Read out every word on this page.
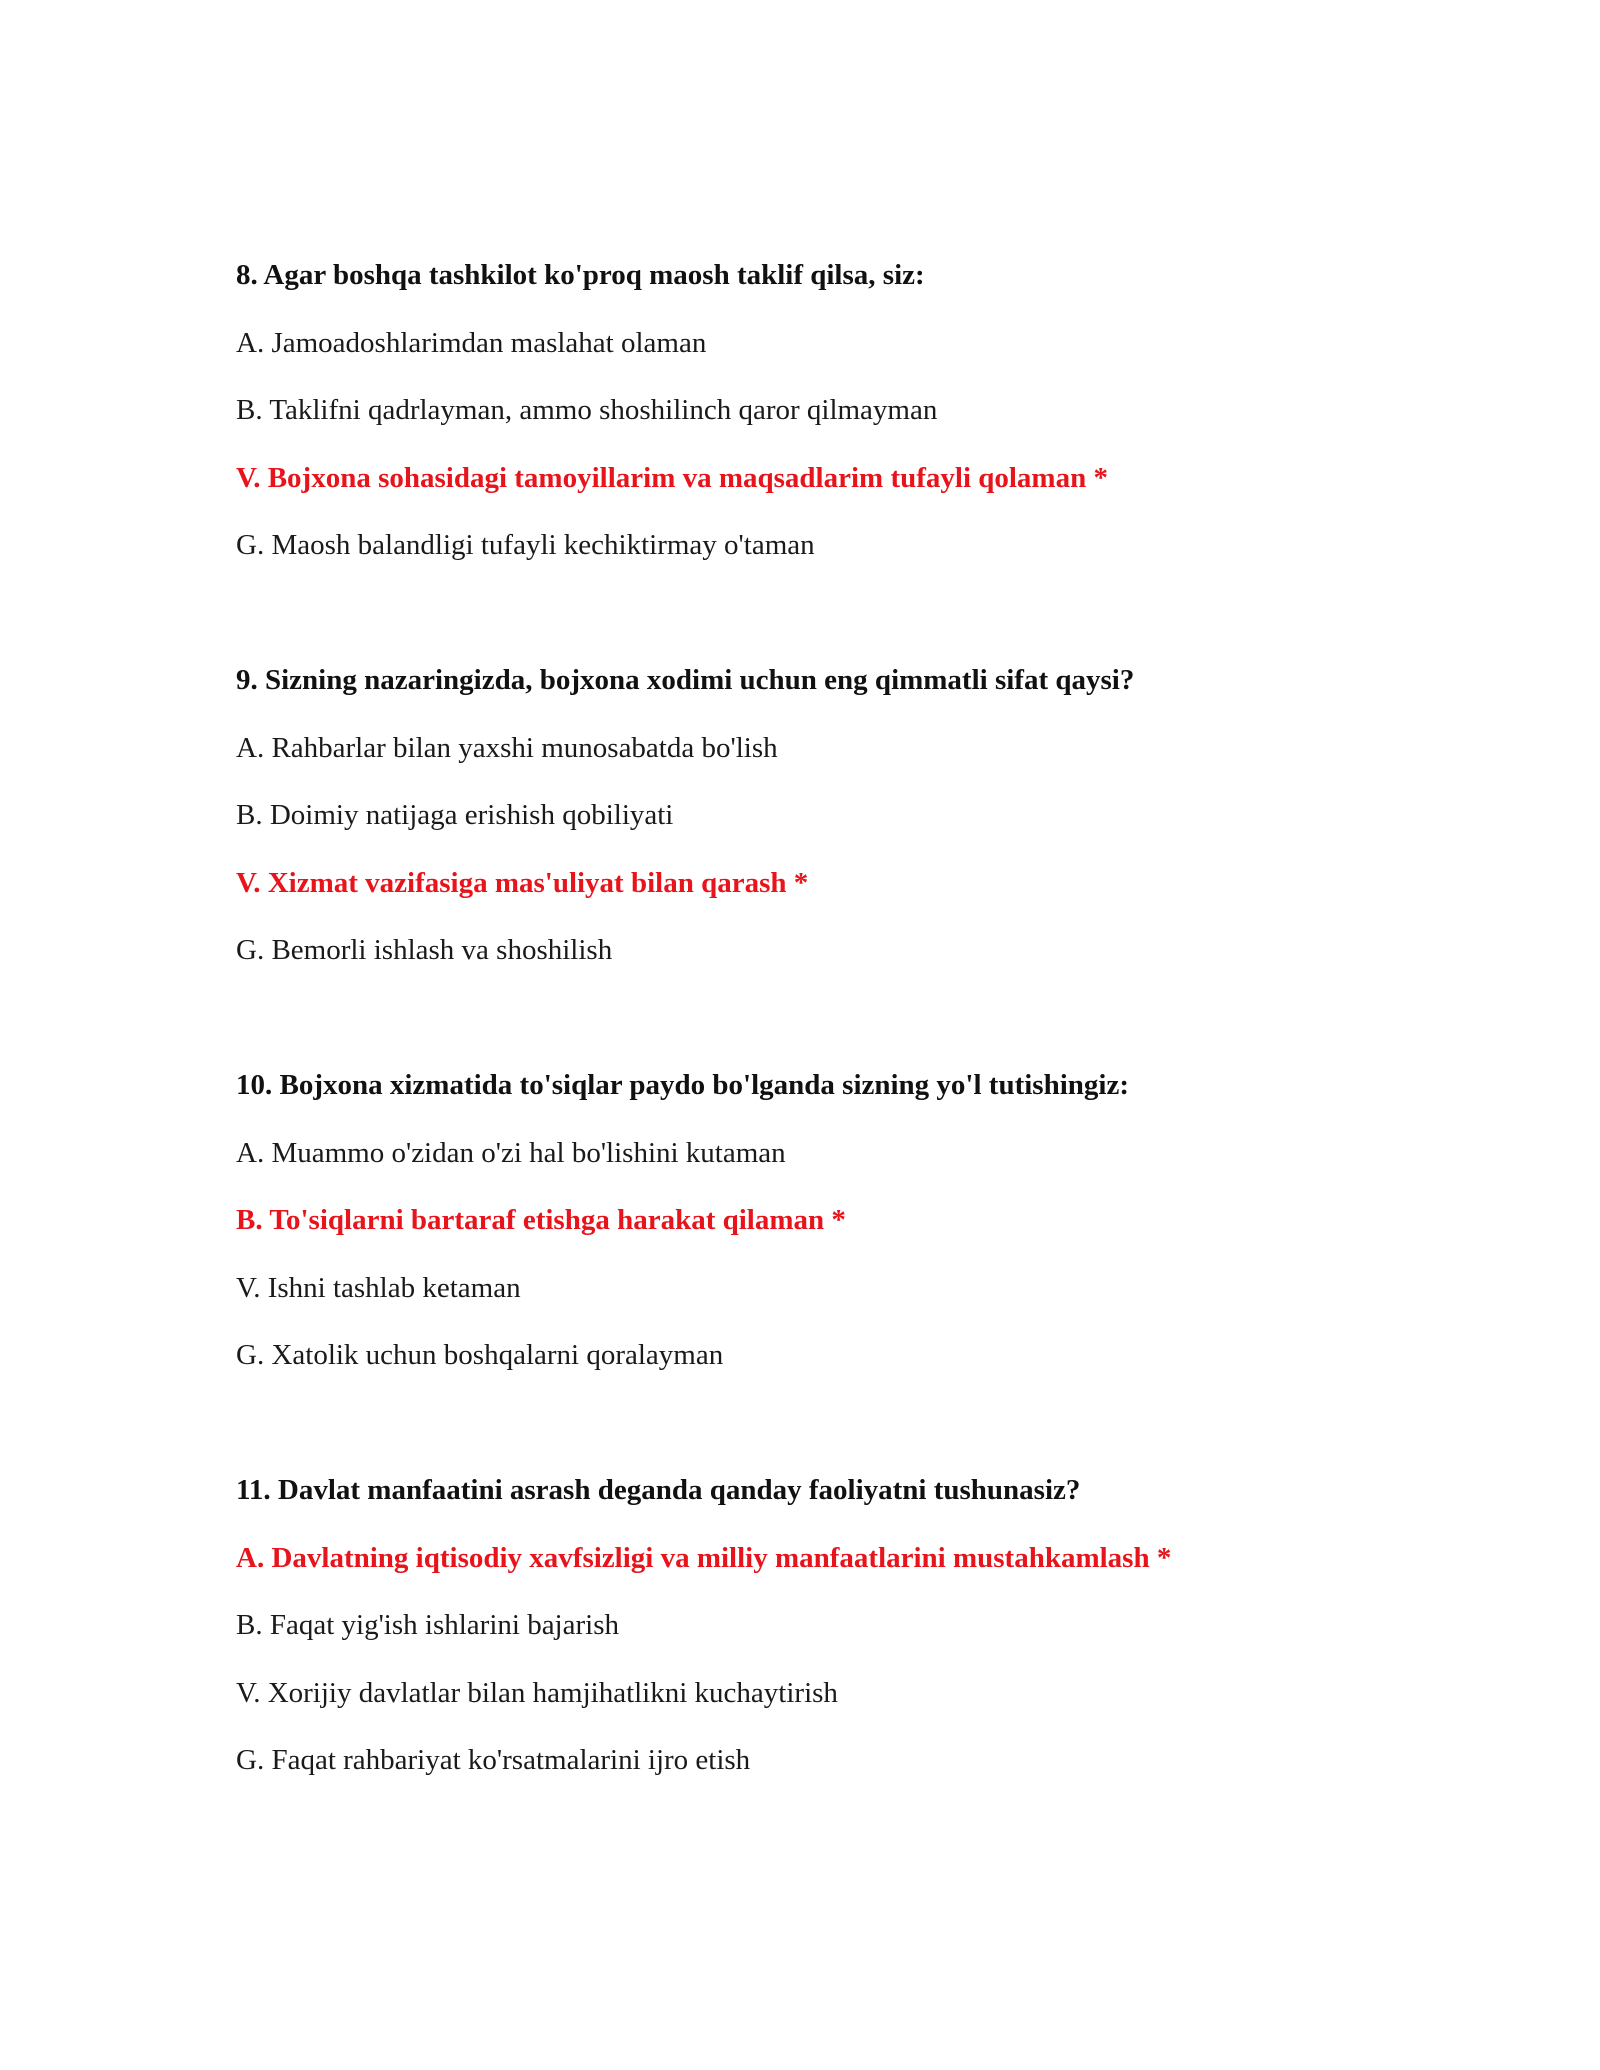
8. Agar boshqa tashkilot ko'proq maosh taklif qilsa, siz:
A. Jamoadoshlarimdan maslahat olaman
B. Taklifni qadrlayman, ammo shoshilinch qaror qilmayman
V. Bojxona sohasidagi tamoyillarim va maqsadlarim tufayli qolaman *
G. Maosh balandligi tufayli kechiktirmay o'taman
9. Sizning nazaringizda, bojxona xodimi uchun eng qimmatli sifat qaysi?
A. Rahbarlar bilan yaxshi munosabatda bo'lish
B. Doimiy natijaga erishish qobiliyati
V. Xizmat vazifasiga mas'uliyat bilan qarash *
G. Bemorli ishlash va shoshilish
10. Bojxona xizmatida to'siqlar paydo bo'lganda sizning yo'l tutishingiz:
A. Muammo o'zidan o'zi hal bo'lishini kutaman
B. To'siqlarni bartaraf etishga harakat qilaman *
V. Ishni tashlab ketaman
G. Xatolik uchun boshqalarni qoralayman
11. Davlat manfaatini asrash deganda qanday faoliyatni tushunasiz?
A. Davlatning iqtisodiy xavfsizligi va milliy manfaatlarini mustahkamlash *
B. Faqat yig'ish ishlarini bajarish
V. Xorijiy davlatlar bilan hamjihatlikni kuchaytirish
G. Faqat rahbariyat ko'rsatmalarini ijro etish
